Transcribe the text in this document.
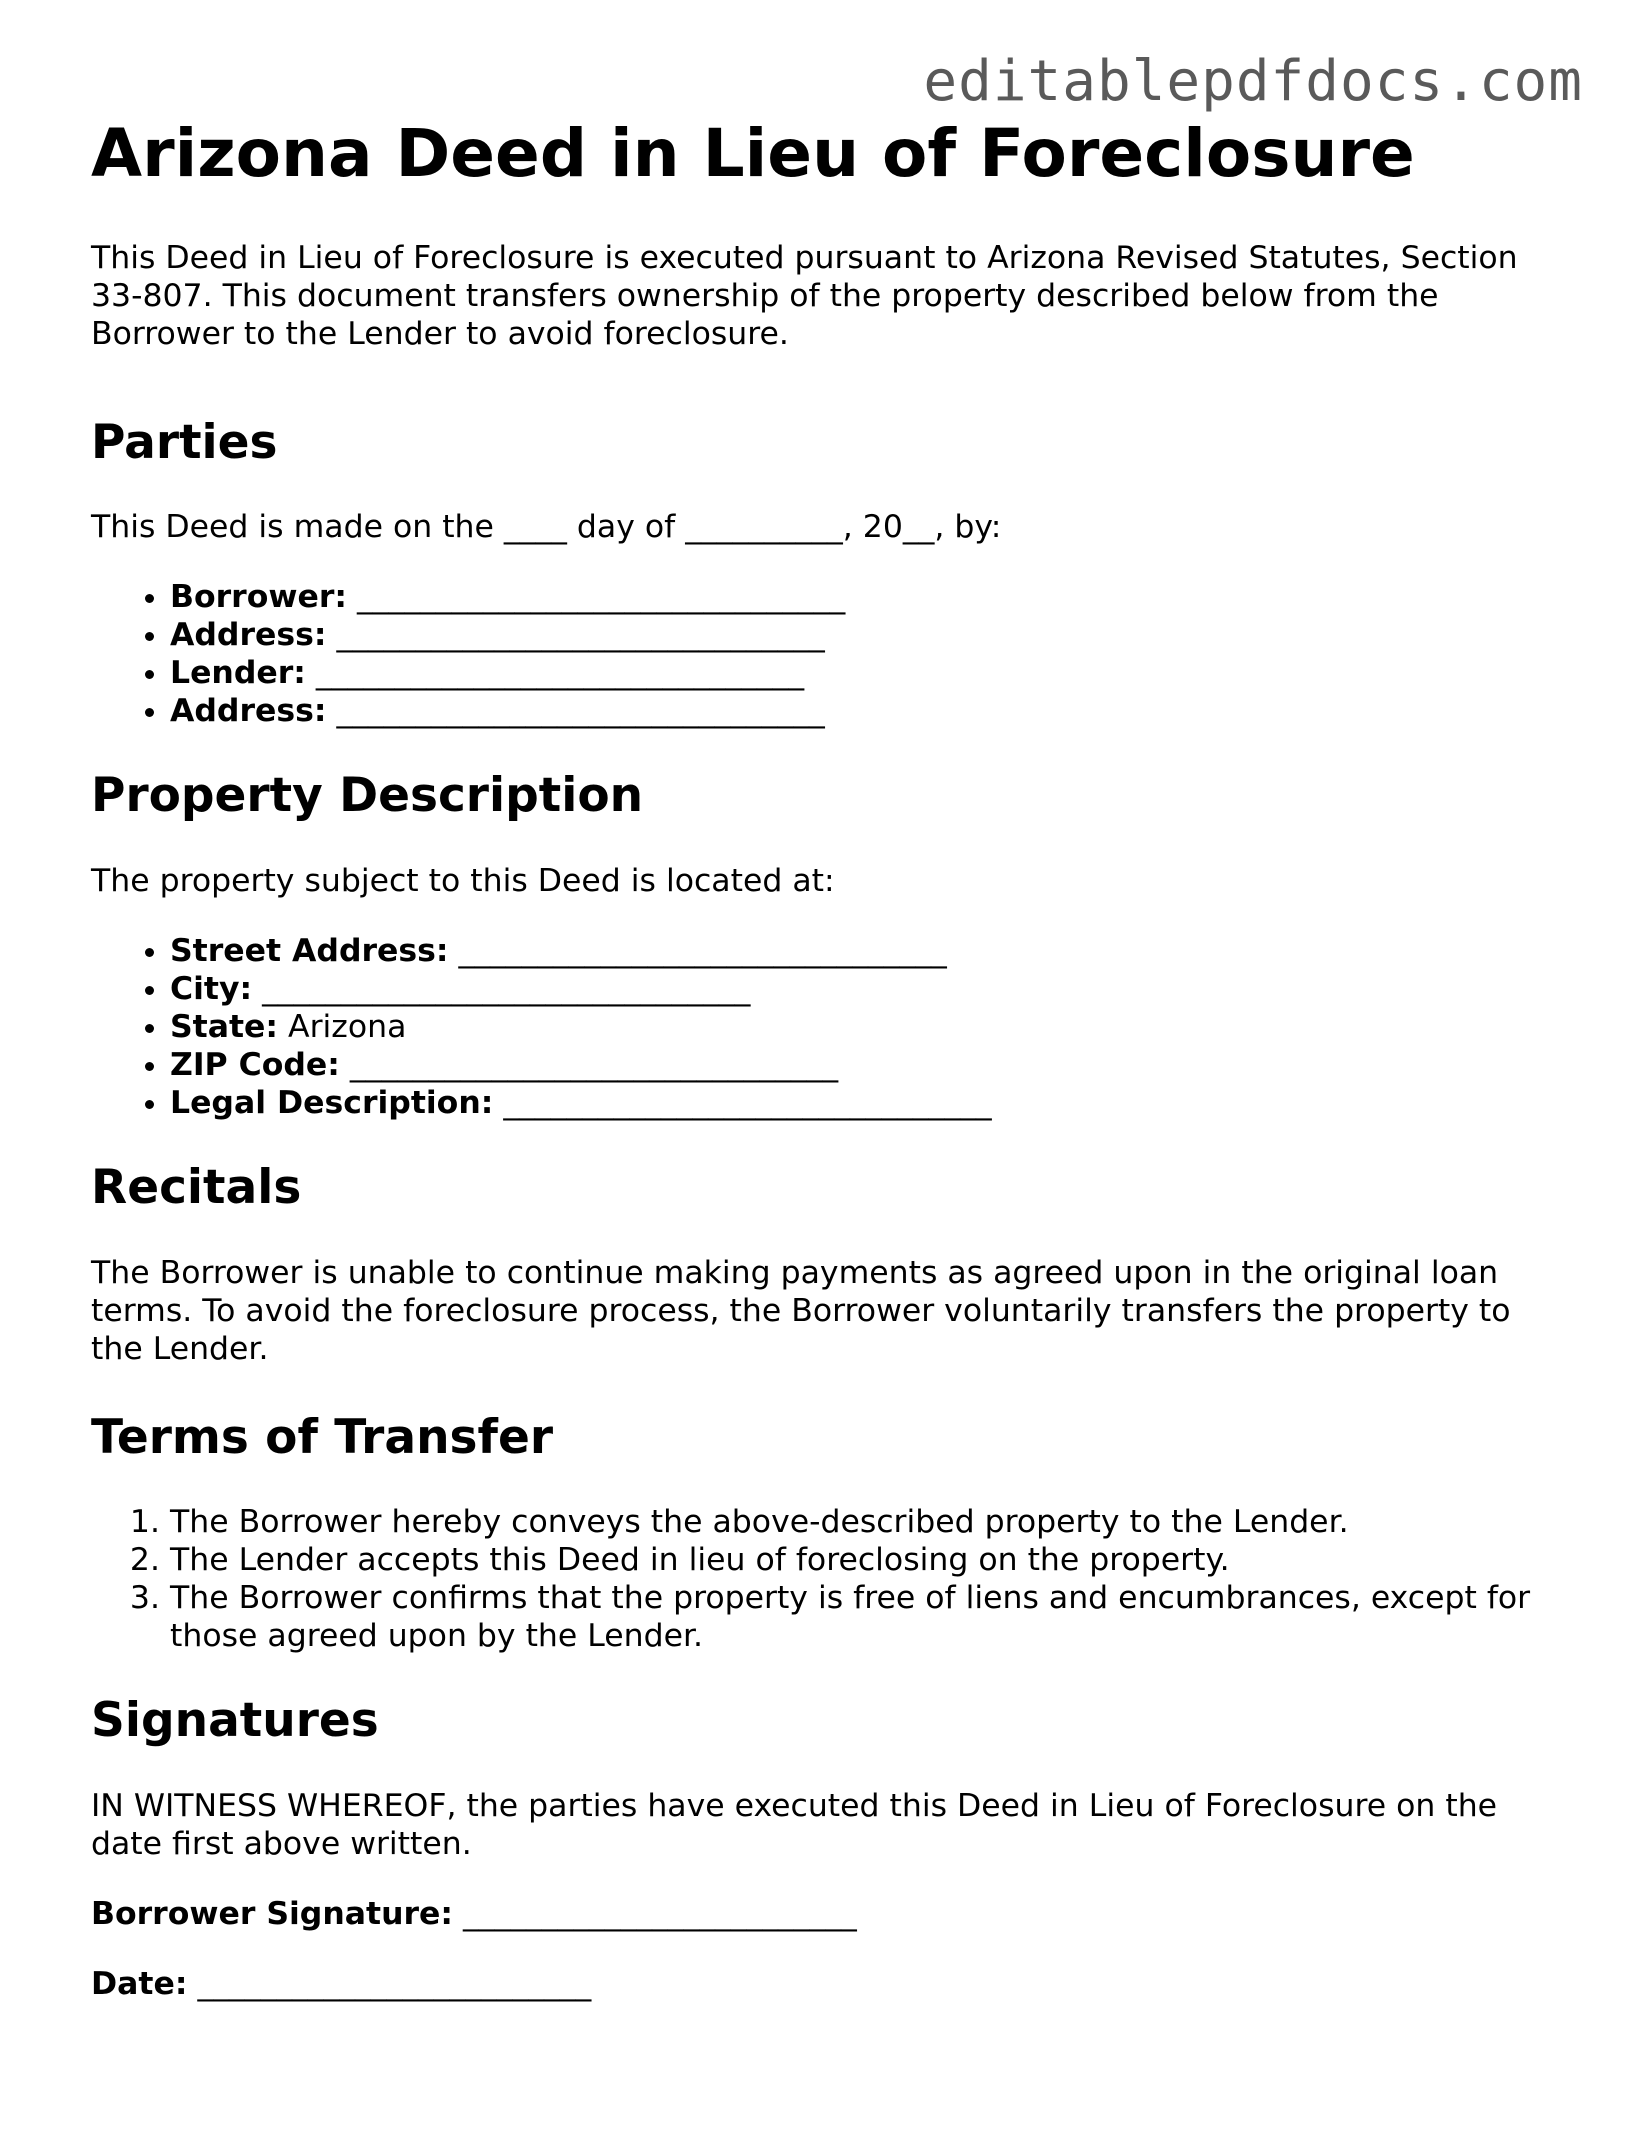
editablepdfdocs.com
Arizona Deed in Lieu of Foreclosure

This Deed in Lieu of Foreclosure is executed pursuant to Arizona Revised Statutes, Section 33-807. This document transfers ownership of the property described below from the Borrower to the Lender to avoid foreclosure.

Parties

This Deed is made on the ____ day of __________, 20__, by:

• Borrower: _______________________________
• Address: _______________________________
• Lender: _______________________________
• Address: _______________________________
Property Description

The property subject to this Deed is located at:

• Street Address: _______________________________
• City: _______________________________
• State: Arizona
• ZIP Code: _______________________________
• Legal Description: _______________________________
Recitals

The Borrower is unable to continue making payments as agreed upon in the original loan terms. To avoid the foreclosure process, the Borrower voluntarily transfers the property to the Lender.

Terms of Transfer
1. The Borrower hereby conveys the above-described property to the Lender.
2. The Lender accepts this Deed in lieu of foreclosing on the property.
3. The Borrower confirms that the property is free of liens and encumbrances, except for those agreed upon by the Lender.
Signatures

IN WITNESS WHEREOF, the parties have executed this Deed in Lieu of Foreclosure on the date first above written.

Borrower Signature: _________________________
Date: _________________________
